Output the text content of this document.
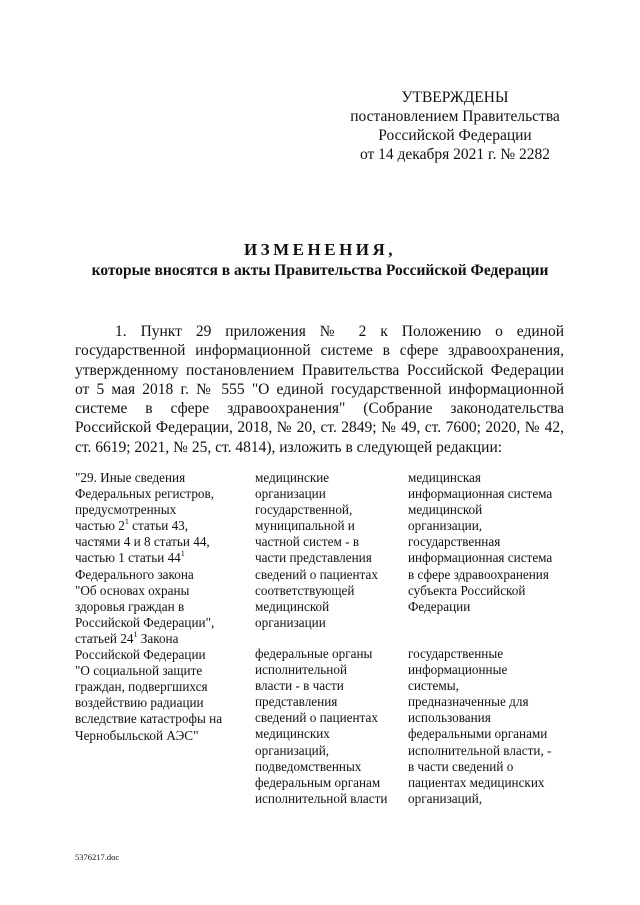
УТВЕРЖДЕНЫ
постановлением Правительства
Российской Федерации
от 14 декабря 2021 г. № 2282
ИЗМЕНЕНИЯ,
которые вносятся в акты Правительства Российской Федерации
1. Пункт 29 приложения № 2 к Положению о единой
государственной информационной системе в сфере здравоохранения,
утвержденному постановлением Правительства Российской Федерации
от 5 мая 2018 г. № 555 "О единой государственной информационной
системе в сфере здравоохранения" (Собрание законодательства
Российской Федерации, 2018, № 20, ст. 2849; № 49, ст. 7600; 2020, № 42,
ст. 6619; 2021, № 25, ст. 4814), изложить в следующей редакции:
"29. Иные сведения
Федеральных регистров,
предусмотренных
частью $2^1$ статьи 43,
частями 4 и 8 статьи 44,
частью 1 статьи $44^1$
Федерального закона
"Об основах охраны
здоровья граждан в
Российской Федерации",
статьей $24^1$ Закона
Российской Федерации
"О социальной защите
граждан, подвергшихся
воздействию радиации
вследствие катастрофы на
Чернобыльской АЭС"
медицинские
организации
государственной,
муниципальной и
частной систем - в
части представления
сведений о пациентах
соответствующей
медицинской
организации
медицинская
информационная система
медицинской
организации,
государственная
информационная система
в сфере здравоохранения
субъекта Российской
Федерации
федеральные органы
исполнительной
власти - в части
представления
сведений о пациентах
медицинских
организаций,
подведомственных
федеральным органам
исполнительной власти
государственные
информационные
системы,
предназначенные для
использования
федеральными органами
исполнительной власти, -
в части сведений о
пациентах медицинских
организаций,
5376217.doc
